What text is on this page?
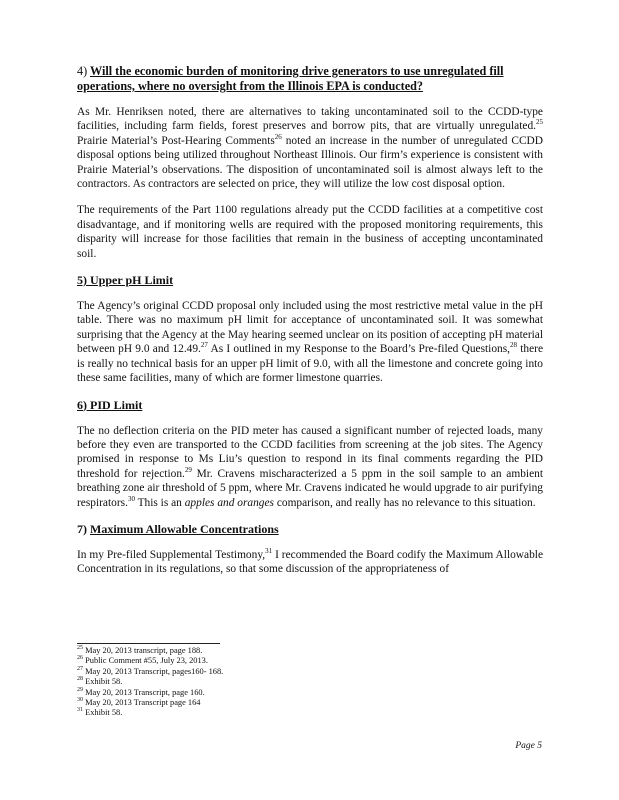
4) Will the economic burden of monitoring drive generators to use unregulated fill operations, where no oversight from the Illinois EPA is conducted?

As Mr. Henriksen noted, there are alternatives to taking uncontaminated soil to the CCDD-type facilities, including farm fields, forest preserves and borrow pits, that are virtually unregulated.$^{25}$ Prairie Material’s Post-Hearing Comments$^{26}$ noted an increase in the number of unregulated CCDD disposal options being utilized throughout Northeast Illinois. Our firm’s experience is consistent with Prairie Material’s observations. The disposition of uncontaminated soil is almost always left to the contractors. As contractors are selected on price, they will utilize the low cost disposal option.

The requirements of the Part 1100 regulations already put the CCDD facilities at a competitive cost disadvantage, and if monitoring wells are required with the proposed monitoring requirements, this disparity will increase for those facilities that remain in the business of accepting uncontaminated soil.

5) Upper pH Limit

The Agency’s original CCDD proposal only included using the most restrictive metal value in the pH table. There was no maximum pH limit for acceptance of uncontaminated soil. It was somewhat surprising that the Agency at the May hearing seemed unclear on its position of accepting pH material between pH 9.0 and 12.49.27 As I outlined in my Response to the Board’s Pre-filed Questions,$^{28}$ there is really no technical basis for an upper pH limit of 9.0, with all the limestone and concrete going into these same facilities, many of which are former limestone quarries.

6) PID Limit

The no deflection criteria on the PID meter has caused a significant number of rejected loads, many before they even are transported to the CCDD facilities from screening at the job sites. The Agency promised in response to Ms Liu’s question to respond in its final comments regarding the PID threshold for rejection.$^{29}$ Mr. Cravens mischaracterized a 5 ppm in the soil sample to an ambient breathing zone air threshold of 5 ppm, where Mr. Cravens indicated he would upgrade to air purifying respirators.$^{30}$ This is an apples and oranges comparison, and really has no relevance to this situation.

7) Maximum Allowable Concentrations

In my Pre-filed Supplemental Testimony,$^{31}$ I recommended the Board codify the Maximum Allowable Concentration in its regulations, so that some discussion of the appropriateness of

$^{25}$ May 20, 2013 transcript, page 188.
$^{26}$ Public Comment #55, July 23, 2013.
$^{27}$ May 20, 2013 Transcript, pages160- 168.
$^{28}$ Exhibit 58.
$^{29}$ May 20, 2013 Transcript, page 160.
$^{30}$ May 20, 2013 Transcript page 164
$^{31}$ Exhibit 58.
Page 5
